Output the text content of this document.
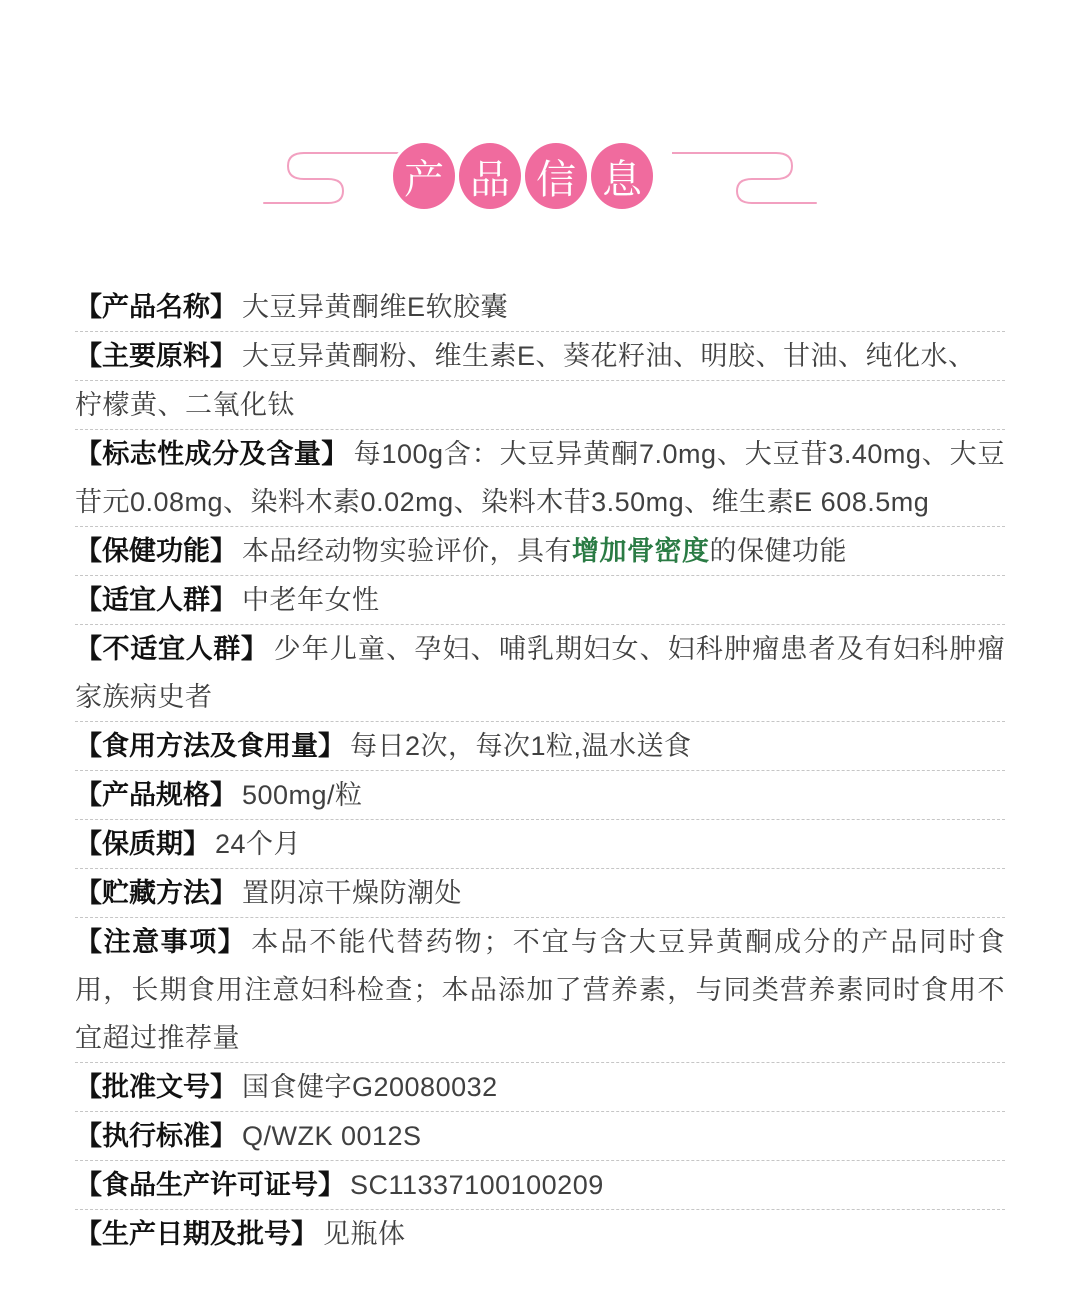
产 品 信 息
【产品名称】 大豆异黄酮维E软胶囊
【主要原料】 大豆异黄酮粉、维生素E、葵花籽油、明胶、甘油、纯化水、
柠檬黄、二氧化钛
【标志性成分及含量】 每100g含：大豆异黄酮7.0mg、大豆苷3.40mg、大豆苷元0.08mg、染料木素0.02mg、染料木苷3.50mg、维生素E 608.5mg
【保健功能】 本品经动物实验评价，具有增加骨密度的保健功能
【适宜人群】 中老年女性
【不适宜人群】 少年儿童、孕妇、哺乳期妇女、妇科肿瘤患者及有妇科肿瘤家族病史者
【食用方法及食用量】 每日2次，每次1粒,温水送食
【产品规格】 500mg/粒
【保质期】 24个月
【贮藏方法】 置阴凉干燥防潮处
【注意事项】 本品不能代替药物；不宜与含大豆异黄酮成分的产品同时食用，长期食用注意妇科检查；本品添加了营养素，与同类营养素同时食用不宜超过推荐量
【批准文号】 国食健字G20080032
【执行标准】 Q/WZK 0012S
【食品生产许可证号】 SC11337100100209
【生产日期及批号】 见瓶体
